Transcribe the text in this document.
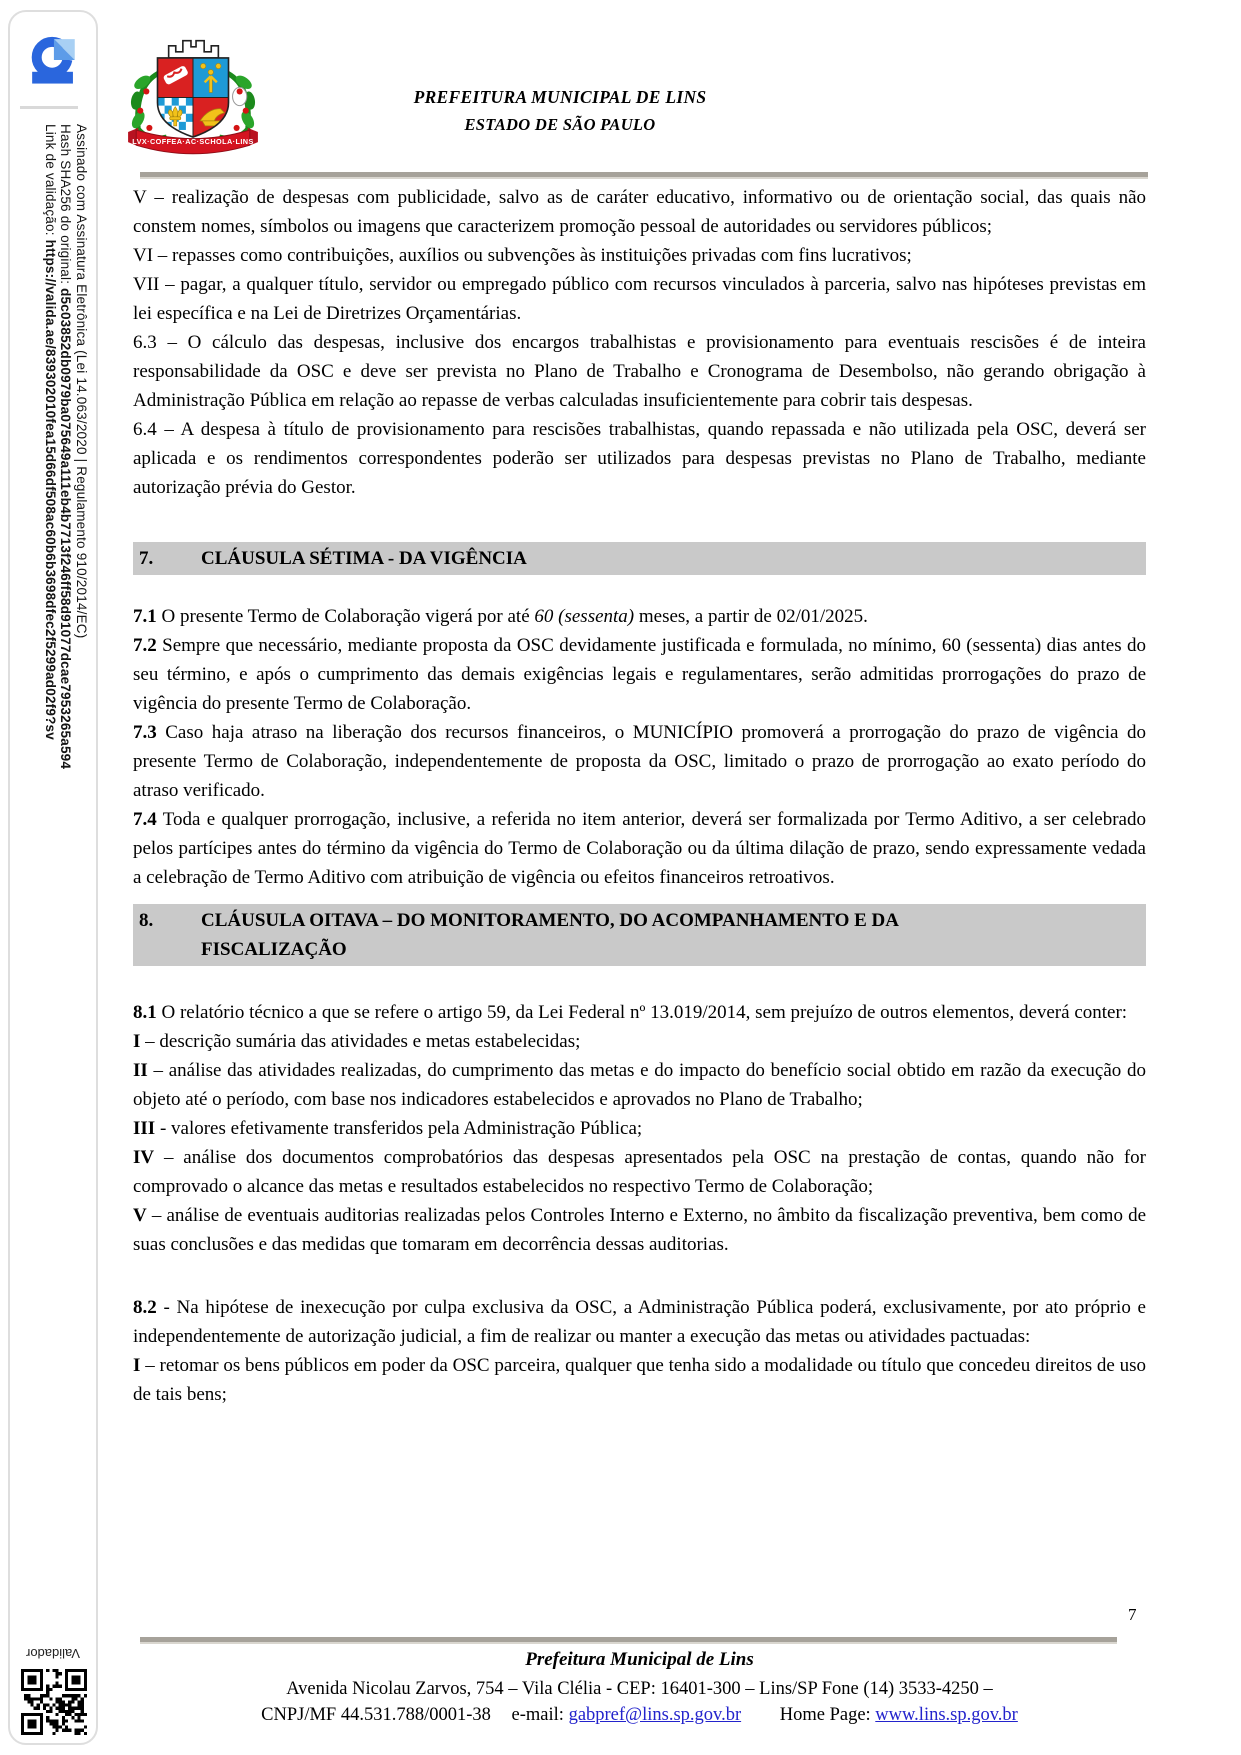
Assinado com Assinatura Eletrônica (Lei 14.063/2020 | Regulamento 910/2014/EC)
Hash SHA256 do original: d5c03852db0979ba075649a111eb4b7713f246ff58d91077dcae7953265a594
Link de validação: https://valida.ae/839302010fea15d66df508ac60b6b3698dfec2f5299ad02f9?sv
Validador
LVX·COFFEA·AC·SCHOLA·LINS
PREFEITURA MUNICIPAL DE LINS
ESTADO DE SÃO PAULO

V – realização de despesas com publicidade, salvo as de caráter educativo, informativo ou de orientação social, das quais não constem nomes, símbolos ou imagens que caracterizem promoção pessoal de autoridades ou servidores públicos;

VI – repasses como contribuições, auxílios ou subvenções às instituições privadas com fins lucrativos;

VII – pagar, a qualquer título, servidor ou empregado público com recursos vinculados à parceria, salvo nas hipóteses previstas em lei específica e na Lei de Diretrizes Orçamentárias.

6.3 – O cálculo das despesas, inclusive dos encargos trabalhistas e provisionamento para eventuais rescisões é de inteira responsabilidade da OSC e deve ser prevista no Plano de Trabalho e Cronograma de Desembolso, não gerando obrigação à Administração Pública em relação ao repasse de verbas calculadas insuficientemente para cobrir tais despesas.

6.4 – A despesa à título de provisionamento para rescisões trabalhistas, quando repassada e não utilizada pela OSC, deverá ser aplicada e os rendimentos correspondentes poderão ser utilizados para despesas previstas no Plano de Trabalho, mediante autorização prévia do Gestor.

7.	CLÁUSULA SÉTIMA - DA VIGÊNCIA

7.1 O presente Termo de Colaboração vigerá por até 60 (sessenta) meses, a partir de 02/01/2025.

7.2 Sempre que necessário, mediante proposta da OSC devidamente justificada e formulada, no mínimo, 60 (sessenta) dias antes do seu término, e após o cumprimento das demais exigências legais e regulamentares, serão admitidas prorrogações do prazo de vigência do presente Termo de Colaboração.

7.3 Caso haja atraso na liberação dos recursos financeiros, o MUNICÍPIO promoverá a prorrogação do prazo de vigência do presente Termo de Colaboração, independentemente de proposta da OSC, limitado o prazo de prorrogação ao exato período do atraso verificado.

7.4 Toda e qualquer prorrogação, inclusive, a referida no item anterior, deverá ser formalizada por Termo Aditivo, a ser celebrado pelos partícipes antes do término da vigência do Termo de Colaboração ou da última dilação de prazo, sendo expressamente vedada a celebração de Termo Aditivo com atribuição de vigência ou efeitos financeiros retroativos.

8.	CLÁUSULA OITAVA – DO MONITORAMENTO, DO ACOMPANHAMENTO E DA FISCALIZAÇÃO

8.1 O relatório técnico a que se refere o artigo 59, da Lei Federal nº 13.019/2014, sem prejuízo de outros elementos, deverá conter:

I – descrição sumária das atividades e metas estabelecidas;

II – análise das atividades realizadas, do cumprimento das metas e do impacto do benefício social obtido em razão da execução do objeto até o período, com base nos indicadores estabelecidos e aprovados no Plano de Trabalho;

III - valores efetivamente transferidos pela Administração Pública;

IV – análise dos documentos comprobatórios das despesas apresentados pela OSC na prestação de contas, quando não for comprovado o alcance das metas e resultados estabelecidos no respectivo Termo de Colaboração;

V – análise de eventuais auditorias realizadas pelos Controles Interno e Externo, no âmbito da fiscalização preventiva, bem como de suas conclusões e das medidas que tomaram em decorrência dessas auditorias.

8.2 - Na hipótese de inexecução por culpa exclusiva da OSC, a Administração Pública poderá, exclusivamente, por ato próprio e independentemente de autorização judicial, a fim de realizar ou manter a execução das metas ou atividades pactuadas:

I – retomar os bens públicos em poder da OSC parceira, qualquer que tenha sido a modalidade ou título que concedeu direitos de uso de tais bens;

7
Prefeitura Municipal de Lins
Avenida Nicolau Zarvos, 754 – Vila Clélia - CEP: 16401-300 – Lins/SP Fone (14) 3533-4250 –
CNPJ/MF 44.531.788/0001-38 e-mail: gabpref@lins.sp.gov.br Home Page: www.lins.sp.gov.br
